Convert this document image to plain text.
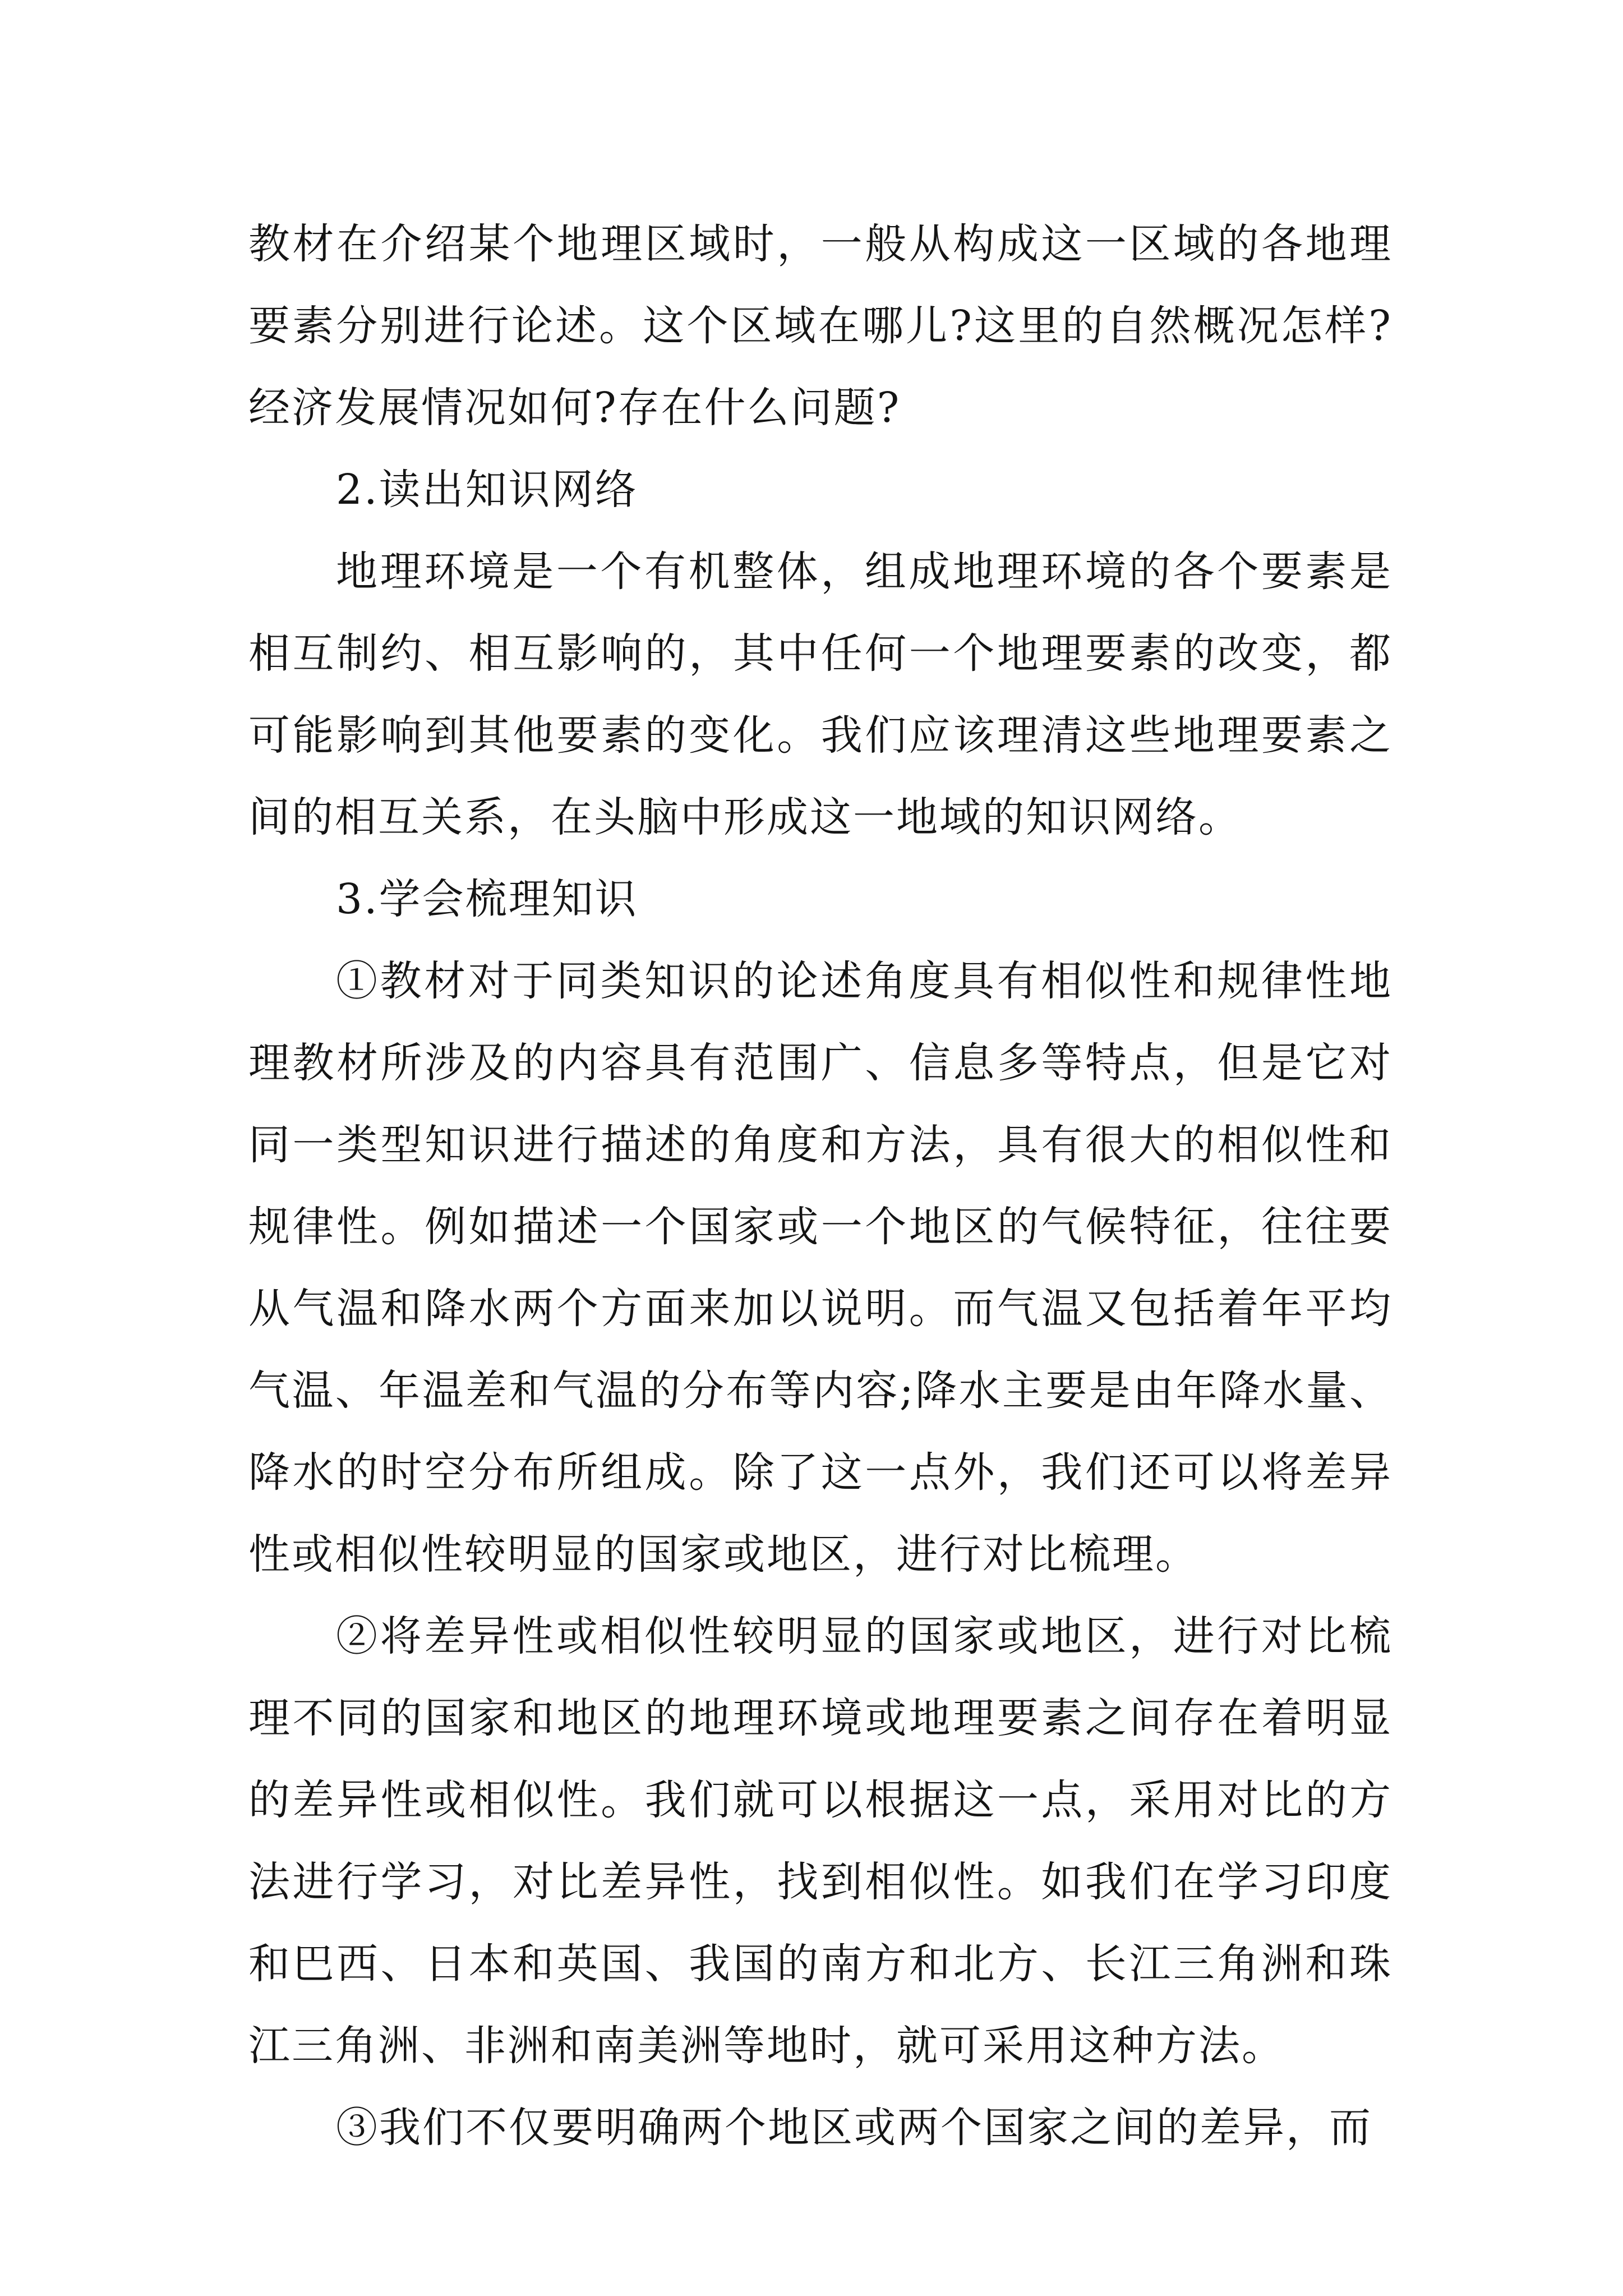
教材在介绍某个地理区域时，一般从构成这一区域的各地理要素分别进行论述。这个区域在哪儿?这里的自然概况怎样?经济发展情况如何?存在什么问题?

2.读出知识网络

地理环境是一个有机整体，组成地理环境的各个要素是相互制约、相互影响的，其中任何一个地理要素的改变，都可能影响到其他要素的变化。我们应该理清这些地理要素之间的相互关系，在头脑中形成这一地域的知识网络。

3.学会梳理知识

①教材对于同类知识的论述角度具有相似性和规律性地理教材所涉及的内容具有范围广、信息多等特点，但是它对同一类型知识进行描述的角度和方法，具有很大的相似性和规律性。例如描述一个国家或一个地区的气候特征，往往要从气温和降水两个方面来加以说明。而气温又包括着年平均气温、年温差和气温的分布等内容;降水主要是由年降水量、降水的时空分布所组成。除了这一点外，我们还可以将差异性或相似性较明显的国家或地区，进行对比梳理。

②将差异性或相似性较明显的国家或地区，进行对比梳理不同的国家和地区的地理环境或地理要素之间存在着明显的差异性或相似性。我们就可以根据这一点，采用对比的方法进行学习，对比差异性，找到相似性。如我们在学习印度和巴西、日本和英国、我国的南方和北方、长江三角洲和珠江三角洲、非洲和南美洲等地时，就可采用这种方法。

③我们不仅要明确两个地区或两个国家之间的差异，而
